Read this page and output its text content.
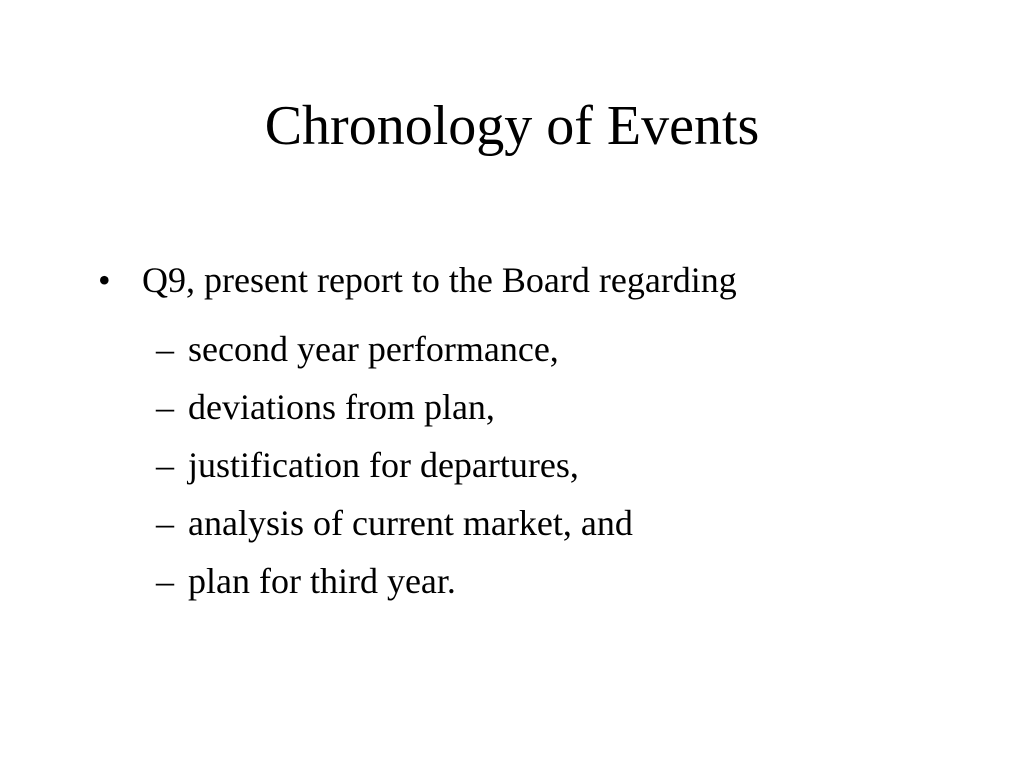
Chronology of Events
• Q9, present report to the Board regarding
– second year performance,
– deviations from plan,
– justification for departures,
– analysis of current market, and
– plan for third year.
